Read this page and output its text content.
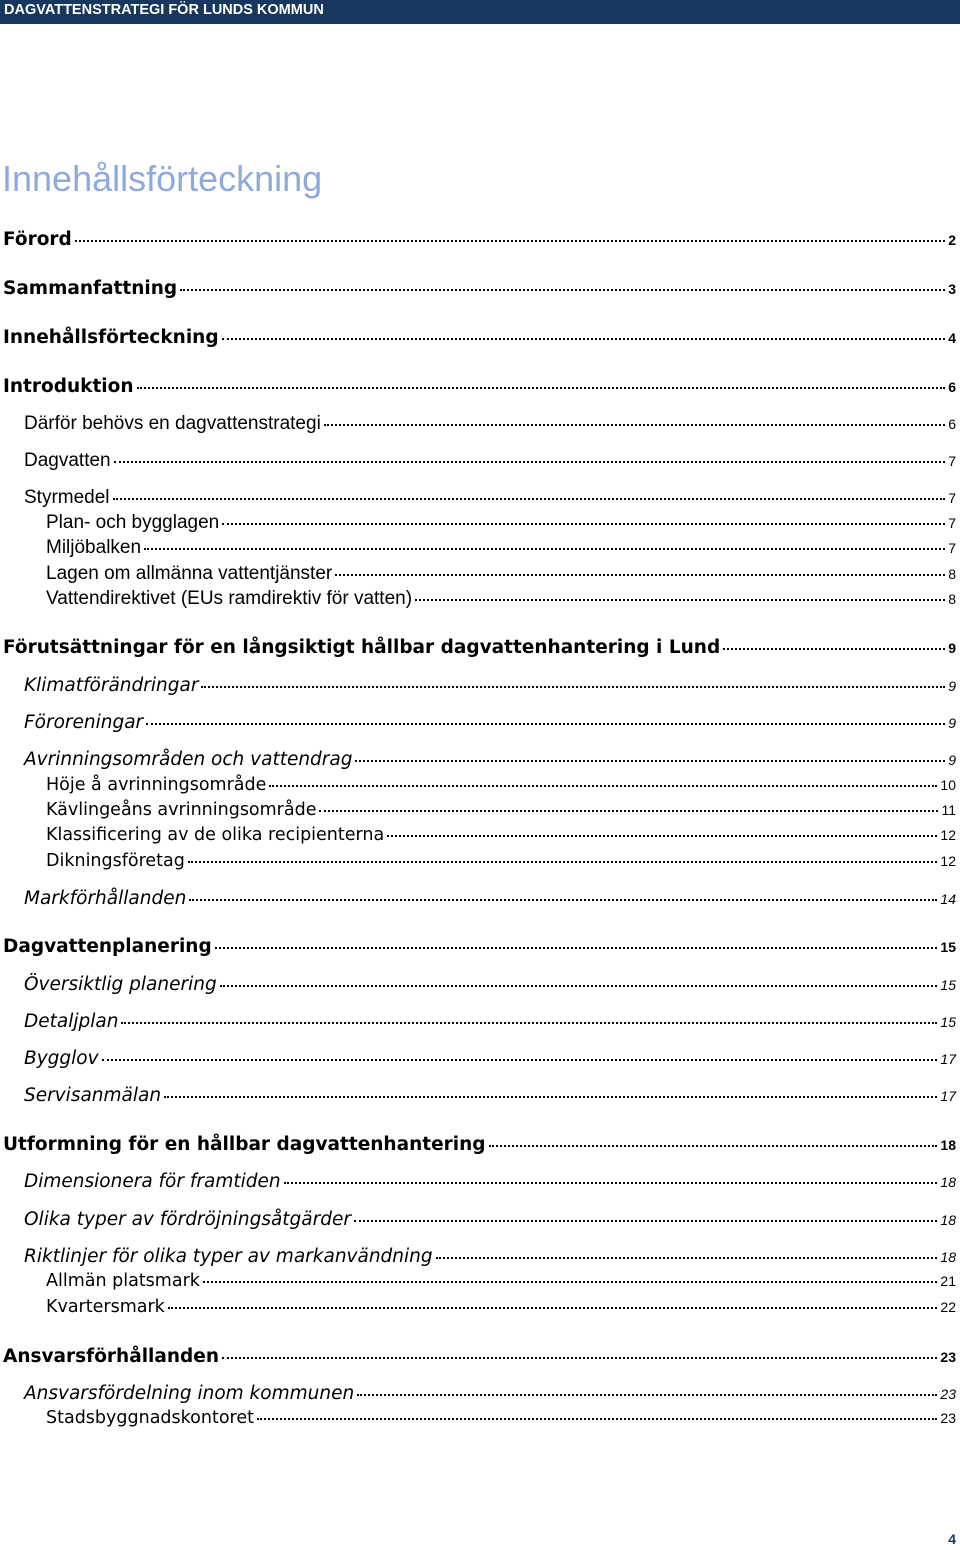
DAGVATTENSTRATEGI FÖR LUNDS KOMMUN
Innehållsförteckning
Förord	2
Sammanfattning	3
Innehållsförteckning	4
Introduktion	6
Därför behövs en dagvattenstrategi	6
Dagvatten	7
Styrmedel	7
Plan- och bygglagen	7
Miljöbalken	7
Lagen om allmänna vattentjänster	8
Vattendirektivet (EUs ramdirektiv för vatten)	8
Förutsättningar för en långsiktigt hållbar dagvattenhantering i Lund	9
Klimatförändringar	9
Föroreningar	9
Avrinningsområden och vattendrag	9
Höje å avrinningsområde	10
Kävlingeåns avrinningsområde	11
Klassificering av de olika recipienterna	12
Dikningsföretag	12
Markförhållanden	14
Dagvattenplanering	15
Översiktlig planering	15
Detaljplan	15
Bygglov	17
Servisanmälan	17
Utformning för en hållbar dagvattenhantering	18
Dimensionera för framtiden	18
Olika typer av fördröjningsåtgärder	18
Riktlinjer för olika typer av markanvändning	18
Allmän platsmark	21
Kvartersmark	22
Ansvarsförhållanden	23
Ansvarsfördelning inom kommunen	23
Stadsbyggnadskontoret	23
4
